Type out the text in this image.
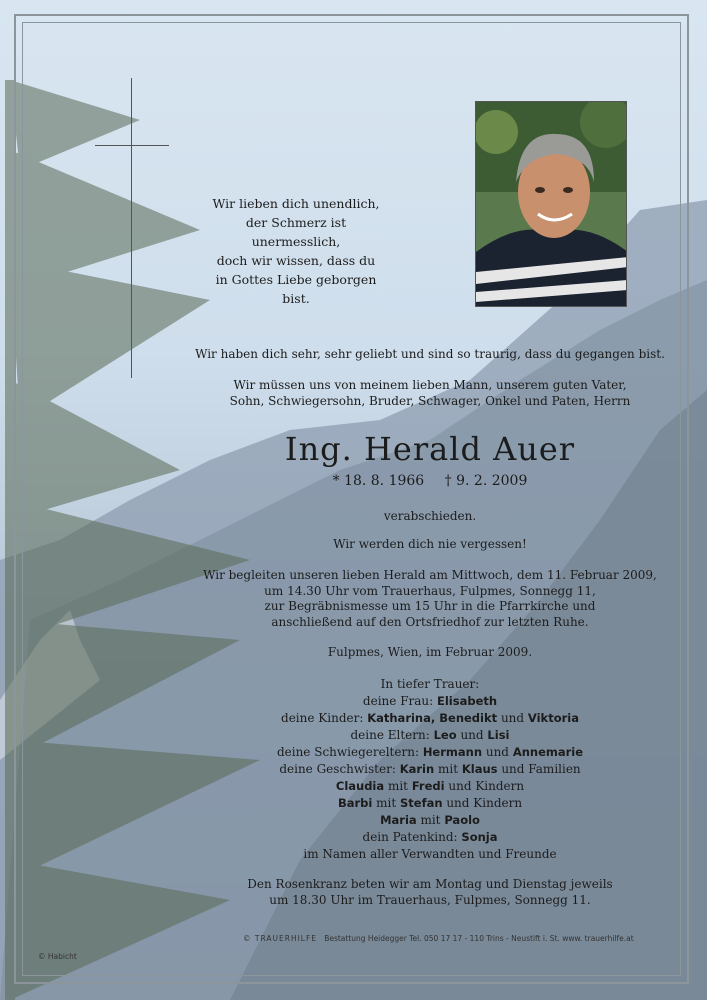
Wir lieben dich unendlich,
der Schmerz ist unermesslich,
doch wir wissen, dass du
in Gottes Liebe geborgen bist.

Wir haben dich sehr, sehr geliebt und sind so traurig, dass du gegangen bist.

Wir müssen uns von meinem lieben Mann, unserem guten Vater,

Sohn, Schwiegersohn, Bruder, Schwager, Onkel und Paten, Herrn

Ing. Herald Auer
* 18. 8. 1966 † 9. 2. 2009

verabschieden.

Wir werden dich nie vergessen!

Wir begleiten unseren lieben Herald am Mittwoch, dem 11. Februar 2009,

um 14.30 Uhr vom Trauerhaus, Fulpmes, Sonnegg 11,

zur Begräbnismesse um 15 Uhr in die Pfarrkirche und

anschließend auf den Ortsfriedhof zur letzten Ruhe.

Fulpmes, Wien, im Februar 2009.

In tiefer Trauer:

deine Frau: Elisabeth

deine Kinder: Katharina, Benedikt und Viktoria

deine Eltern: Leo und Lisi

deine Schwiegereltern: Hermann und Annemarie

deine Geschwister: Karin mit Klaus und Familien

Claudia mit Fredi und Kindern

Barbi mit Stefan und Kindern

Maria mit Paolo

dein Patenkind: Sonja

im Namen aller Verwandten und Freunde

Den Rosenkranz beten wir am Montag und Dienstag jeweils

um 18.30 Uhr im Trauerhaus, Fulpmes, Sonnegg 11.

© TRAUERHILFE Bestattung Heidegger Tel. 050 17 17 - 110 Trins - Neustift i. St. www. trauerhilfe.at
© Habicht
